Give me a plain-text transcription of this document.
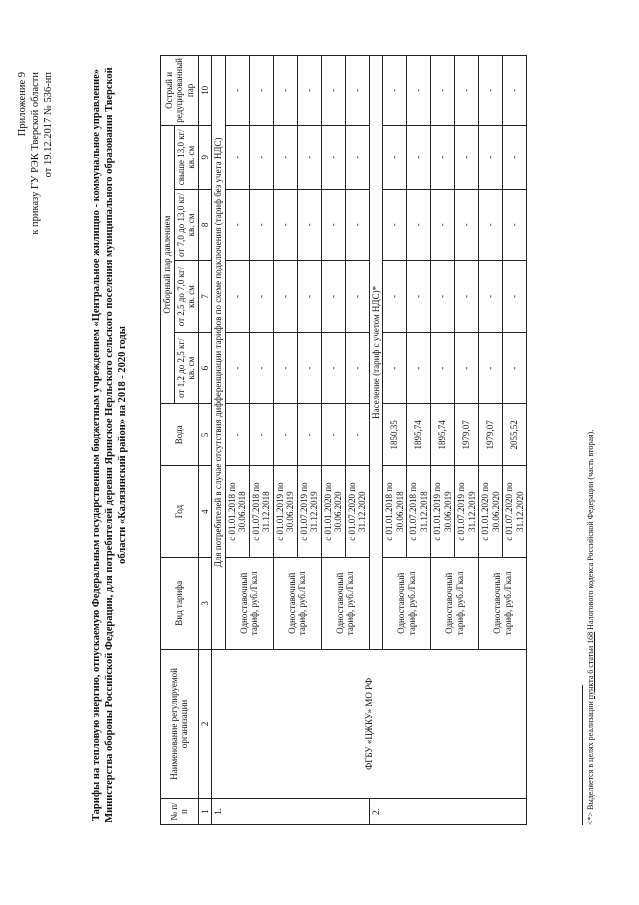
Приложение 9 к приказу ГУ РЭК Тверской области от 19.12.2017 № 536-нп	Тарифы на тепловую энергию, отпускаемую Федеральным государственным бюджетным учреждением «Центральное жилищно - коммунальное управление» Министерства обороны Российской Федерации, для потребителей деревни Яринское Нерльского сельского поселения муниципального образования Тверской области «Калязинский район» на 2018 - 2020 годы
№ п/п	Наименование регулируемой организации	Вид тарифа	Год	Вода	Отборный пар давлением				Острый и редуцированный пар
					от 1,2 до 2,5 кг/кв. см	от 2,5 до 7,0 кг/кв. см	от 7,0 до 13,0 кг/кв. см	свыше 13,0 кг/кв. см	
1	2	3	4	5	6	7	8	9	10
1.	ФГБУ «ЦЖКУ» МО РФ	Для потребителей в случае отсутствия дифференциации тарифов по схеме подключения (тариф без учета НДС)							
		Одноставочный тариф, руб./Гкал	с 01.01.2018 по 30.06.2018	-	-	-	-	-	-
			с 01.07.2018 по 31.12.2018	-	-	-	-	-	-
		Одноставочный тариф, руб./Гкал	с 01.01.2019 по 30.06.2019	-	-	-	-	-	-
			с 01.07.2019 по 31.12.2019	-	-	-	-	-	-
		Одноставочный тариф, руб./Гкал	с 01.01.2020 по 30.06.2020	-	-	-	-	-	-
			с 01.07.2020 по 31.12.2020	-	-	-	-	-	-
2.		Население (тариф с учетом НДС)*							
		Одноставочный тариф, руб./Гкал	с 01.01.2018 по 30.06.2018	1850,35	-	-	-	-	-
			с 01.07.2018 по 31.12.2018	1895,74	-	-	-	-	-
		Одноставочный тариф, руб./Гкал	с 01.01.2019 по 30.06.2019	1895,74	-	-	-	-	-
			с 01.07.2019 по 31.12.2019	1979,07	-	-	-	-	-
		Одноставочный тариф, руб./Гкал	с 01.01.2020 по 30.06.2020	1979,07	-	-	-	-	-
			с 01.07.2020 по 31.12.2020	2055,52	-	-	-	-	-
<*> Выделяется в целях реализации пункта 6 статьи 168 Налогового кодекса Российской Федерации (часть вторая).
